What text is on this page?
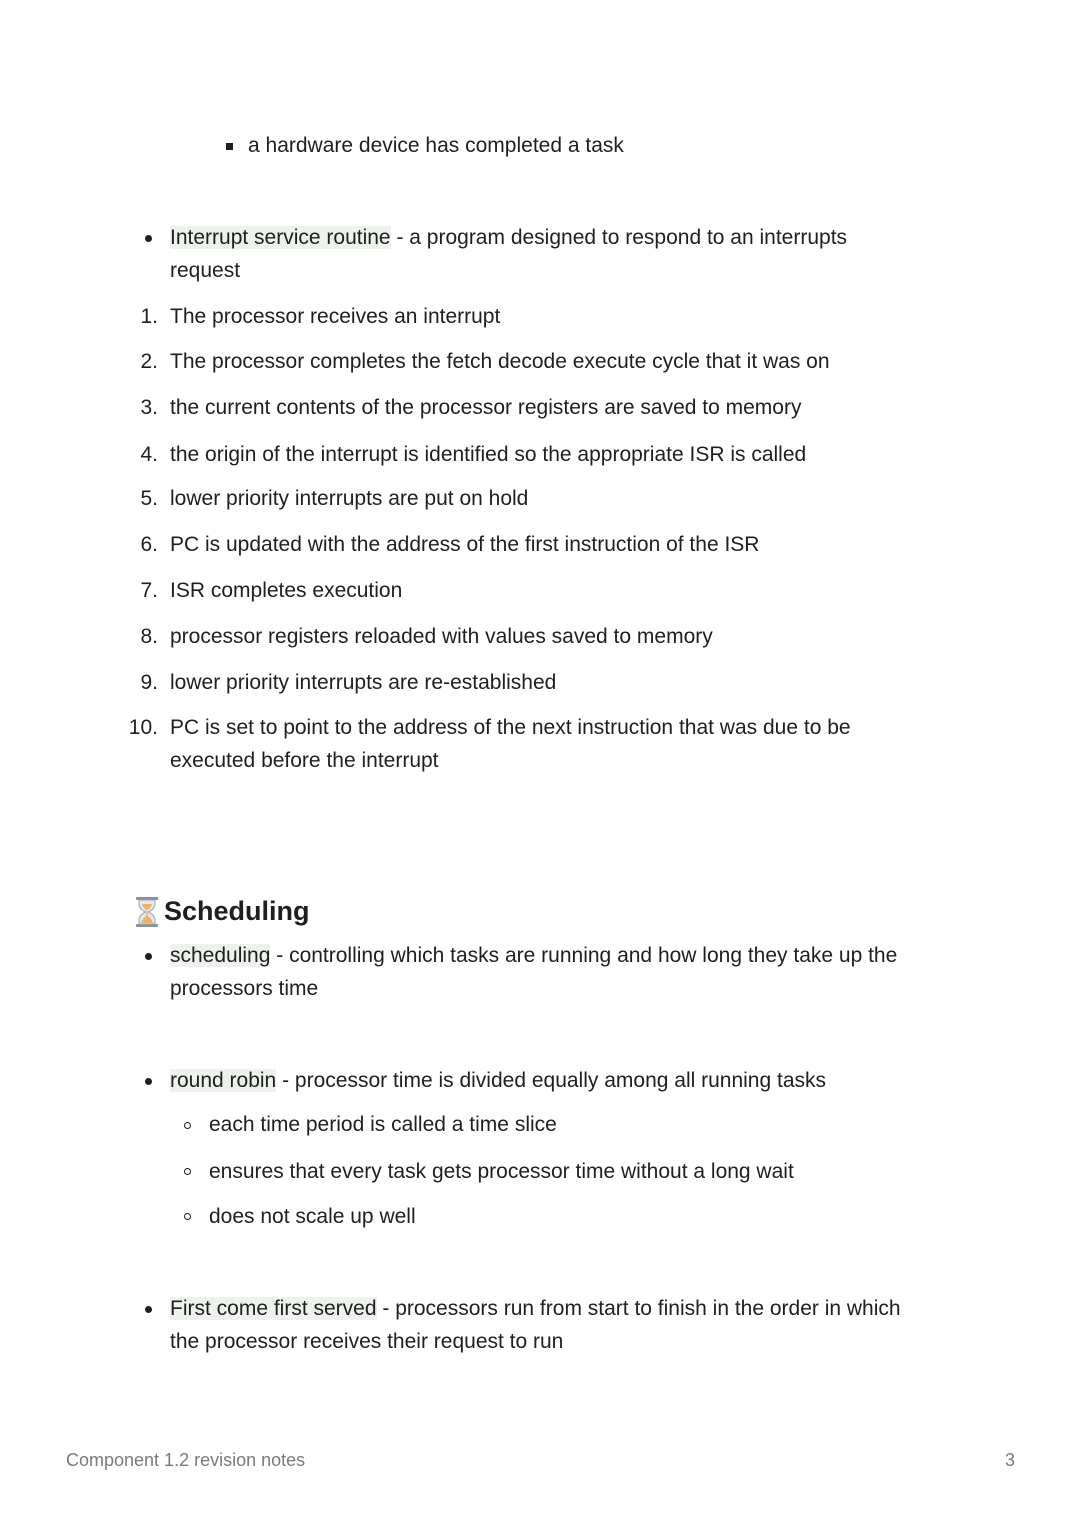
a hardware device has completed a task
Interrupt service routine - a program designed to respond to an interrupts
request
1. The processor receives an interrupt
2. The processor completes the fetch decode execute cycle that it was on
3. the current contents of the processor registers are saved to memory
4. the origin of the interrupt is identified so the appropriate ISR is called
5. lower priority interrupts are put on hold
6. PC is updated with the address of the first instruction of the ISR
7. ISR completes execution
8. processor registers reloaded with values saved to memory
9. lower priority interrupts are re-established
10. PC is set to point to the address of the next instruction that was due to be
executed before the interrupt
Scheduling
scheduling - controlling which tasks are running and how long they take up the
processors time
round robin - processor time is divided equally among all running tasks
each time period is called a time slice
ensures that every task gets processor time without a long wait
does not scale up well
First come first served - processors run from start to finish in the order in which
the processor receives their request to run
Component 1.2 revision notes	3
